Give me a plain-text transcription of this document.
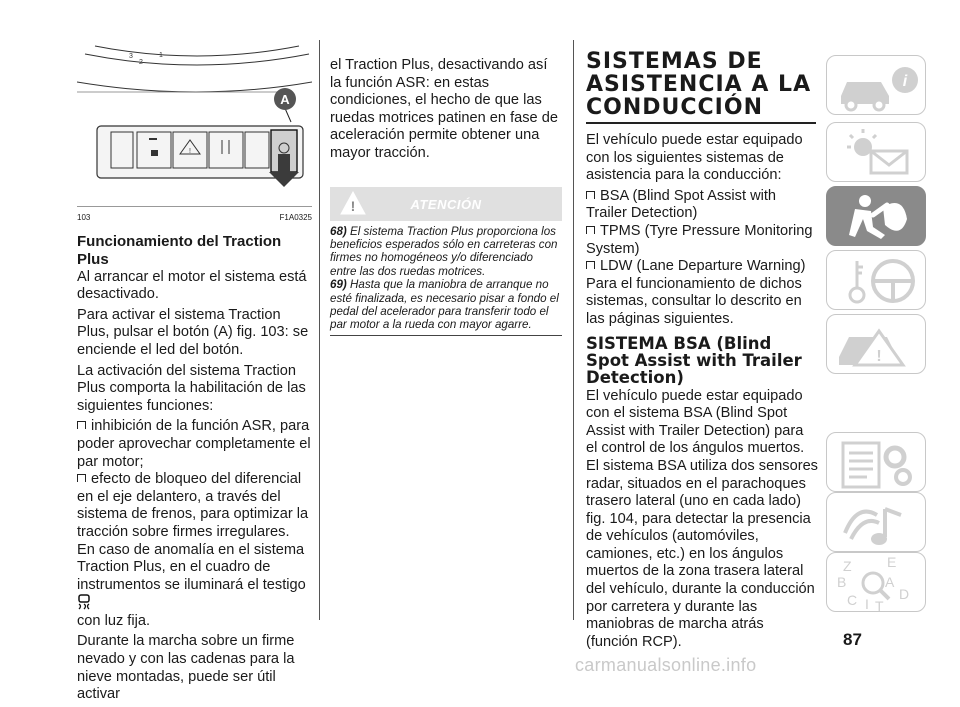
3
2
1
!
A
103	F1A0325
Funcionamiento del Traction Plus

Al arrancar el motor el sistema está desactivado.

Para activar el sistema Traction Plus, pulsar el botón (A) fig. 103: se enciende el led del botón.

La activación del sistema Traction Plus comporta la habilitación de las siguientes funciones:

inhibición de la función ASR, para poder aprovechar completamente el par motor;

efecto de bloqueo del diferencial en el eje delantero, a través del sistema de frenos, para optimizar la tracción sobre firmes irregulares.

En caso de anomalía en el sistema Traction Plus, en el cuadro de instrumentos se iluminará el testigo
con luz fija.

Durante la marcha sobre un firme nevado y con las cadenas para la nieve montadas, puede ser útil activar

el Traction Plus, desactivando así la función ASR: en estas condiciones, el hecho de que las ruedas motrices patinen en fase de aceleración permite obtener una mayor tracción.

!	ATENCIÓN

68) El sistema Traction Plus proporciona los beneficios esperados sólo en carreteras con firmes no homogéneos y/o diferenciado entre las dos ruedas motrices.

69) Hasta que la maniobra de arranque no esté finalizada, es necesario pisar a fondo el pedal del acelerador para transferir todo el par motor a la rueda con mayor agarre.

SISTEMAS DE ASISTENCIA A LA CONDUCCIÓN

El vehículo puede estar equipado con los siguientes sistemas de asistencia para la conducción:

BSA (Blind Spot Assist with Trailer Detection)

TPMS (Tyre Pressure Monitoring System)

LDW (Lane Departure Warning)

Para el funcionamiento de dichos sistemas, consultar lo descrito en las páginas siguientes.

SISTEMA BSA (Blind Spot Assist with Trailer Detection)

El vehículo puede estar equipado con el sistema BSA (Blind Spot Assist with Trailer Detection) para el control de los ángulos muertos. El sistema BSA utiliza dos sensores radar, situados en el parachoques trasero lateral (uno en cada lado) fig. 104, para detectar la presencia de vehículos (automóviles, camiones, etc.) en los ángulos muertos de la zona trasera lateral del vehículo, durante la conducción por carretera y durante las maniobras de marcha atrás (función RCP).

i
!
Z	E
B	A
C	D
I T
87
carmanualsonline.info
